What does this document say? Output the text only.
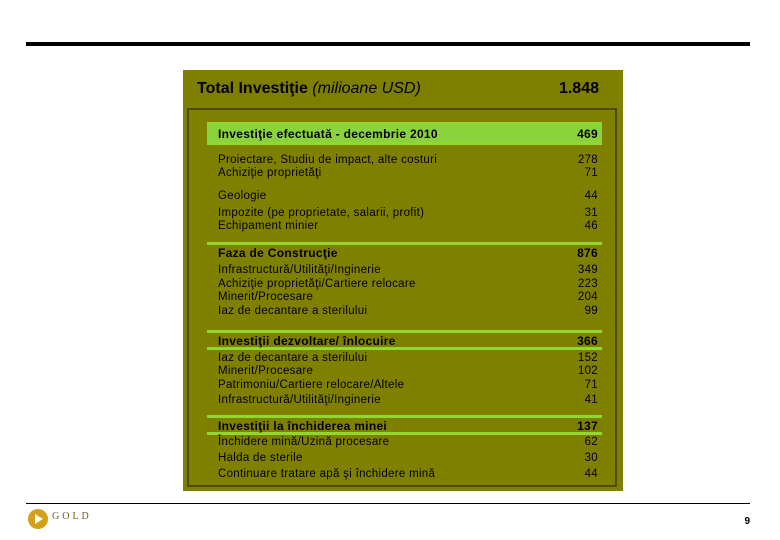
Total Investiţie (milioane USD)	1.848
Investiţie efectuată - decembrie 2010	469
Proiectare, Studiu de impact, alte costuri	278
Achiziţie proprietăţi	71
Geologie	44
Impozite (pe proprietate, salarii, profit)	31
Echipament minier	46
Faza de Construcţie	876
Infrastructură/Utilităţi/Inginerie	349
Achiziţie proprietăţi/Cartiere relocare	223
Minerit/Procesare	204
Iaz de decantare a sterilului	99
Investiţii dezvoltare/ înlocuire	366
Iaz de decantare a sterilului	152
Minerit/Procesare	102
Patrimoniu/Cartiere relocare/Altele	71
Infrastructură/Utilităţi/Inginerie	41
Investiţii la închiderea minei	137
Închidere mină/Uzină procesare	62
Halda de sterile	30
Continuare tratare apă şi închidere mină	44
GOLD
	9
